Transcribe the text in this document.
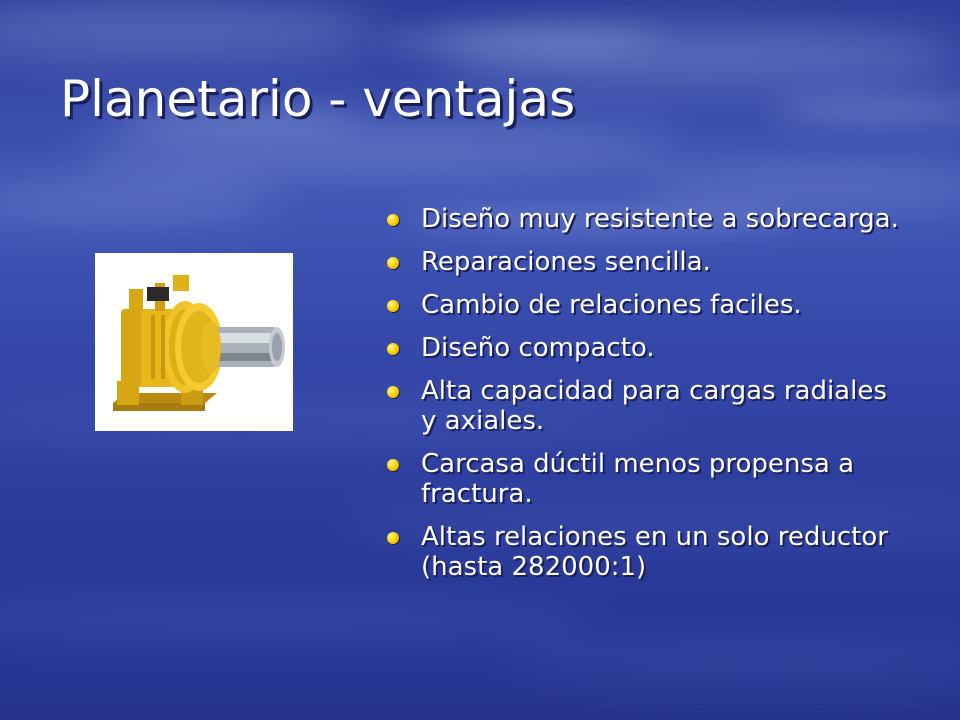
Planetario - ventajas
Diseño muy resistente a sobrecarga.
Reparaciones sencilla.
Cambio de relaciones faciles.
Diseño compacto.
Alta capacidad para cargas radiales y axiales.
Carcasa dúctil menos propensa a fractura.
Altas relaciones en un solo reductor (hasta 282000:1)
